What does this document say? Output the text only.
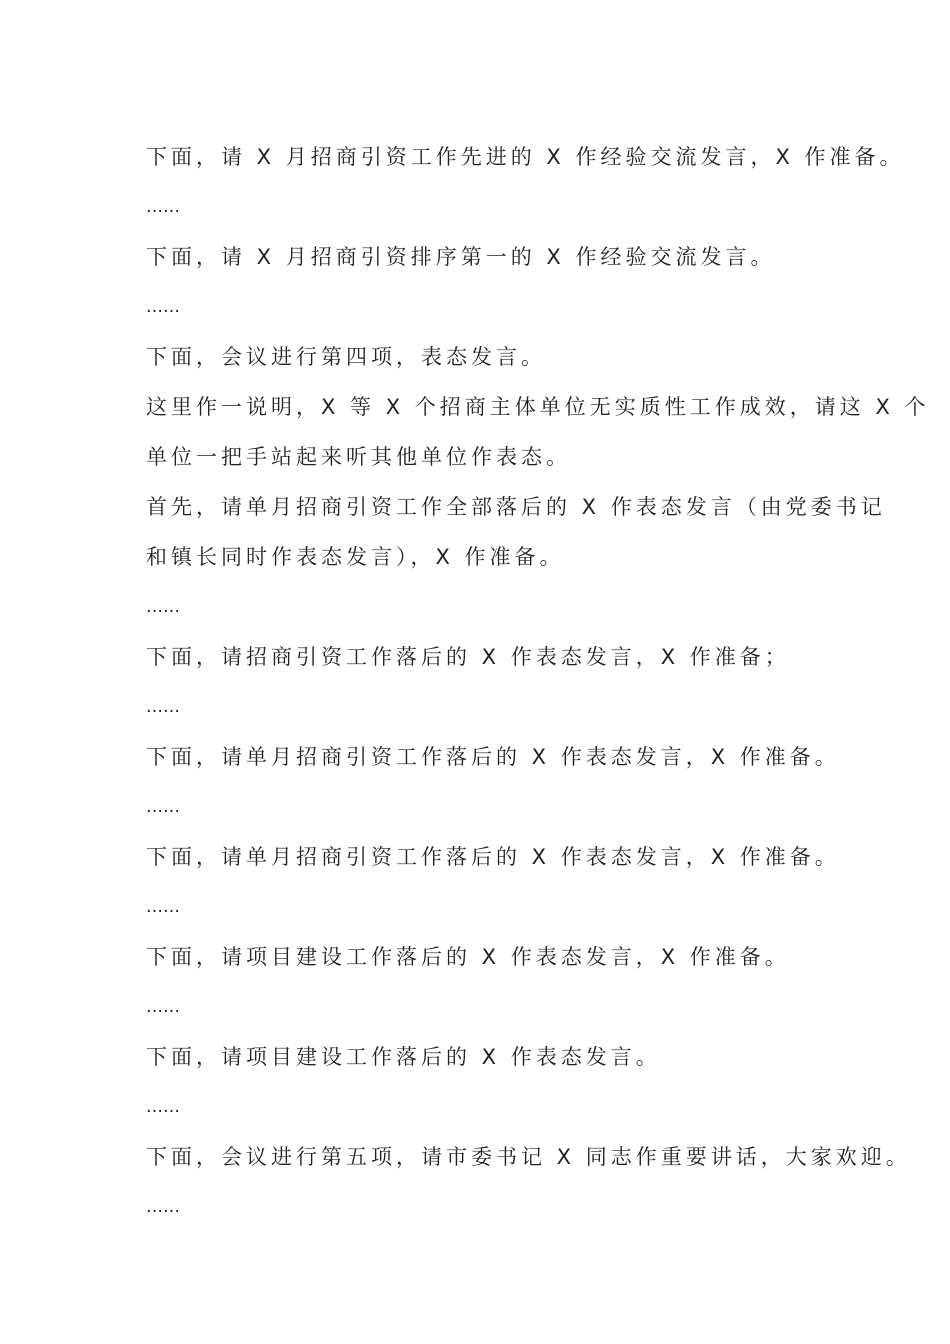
下面，请 X 月招商引资工作先进的 X 作经验交流发言，X 作准备。

……

下面，请 X 月招商引资排序第一的 X 作经验交流发言。

……

下面，会议进行第四项，表态发言。

这里作一说明，X 等 X 个招商主体单位无实质性工作成效，请这 X 个

单位一把手站起来听其他单位作表态。

首先，请单月招商引资工作全部落后的 X 作表态发言（由党委书记

和镇长同时作表态发言），X 作准备。

……

下面，请招商引资工作落后的 X 作表态发言，X 作准备；

……

下面，请单月招商引资工作落后的 X 作表态发言，X 作准备。

……

下面，请单月招商引资工作落后的 X 作表态发言，X 作准备。

……

下面，请项目建设工作落后的 X 作表态发言，X 作准备。

……

下面，请项目建设工作落后的 X 作表态发言。

……

下面，会议进行第五项，请市委书记 X 同志作重要讲话，大家欢迎。

……
